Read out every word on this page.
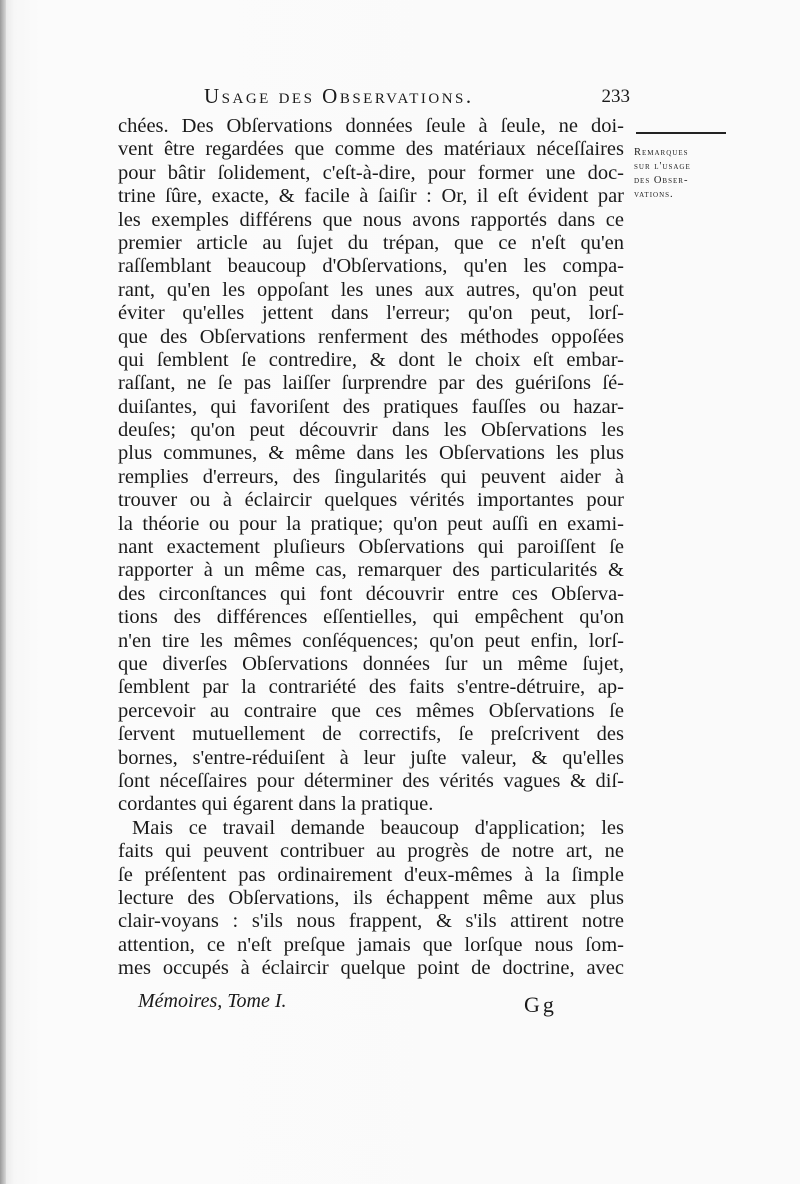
Usage des Observations.	233
Remarques
sur l'usage
des Obser-
vations.
chées. Des Obſervations données ſeule à ſeule, ne doi-
vent être regardées que comme des matériaux néceſſaires
pour bâtir ſolidement, c'eſt-à-dire, pour former une doc-
trine ſûre, exacte, & facile à ſaiſir : Or, il eſt évident par
les exemples différens que nous avons rapportés dans ce
premier article au ſujet du trépan, que ce n'eſt qu'en
raſſemblant beaucoup d'Obſervations, qu'en les compa-
rant, qu'en les oppoſant les unes aux autres, qu'on peut
éviter qu'elles jettent dans l'erreur; qu'on peut, lorſ-
que des Obſervations renferment des méthodes oppoſées
qui ſemblent ſe contredire, & dont le choix eſt embar-
raſſant, ne ſe pas laiſſer ſurprendre par des guériſons ſé-
duiſantes, qui favoriſent des pratiques fauſſes ou hazar-
deuſes; qu'on peut découvrir dans les Obſervations les
plus communes, & même dans les Obſervations les plus
remplies d'erreurs, des ſingularités qui peuvent aider à
trouver ou à éclaircir quelques vérités importantes pour
la théorie ou pour la pratique; qu'on peut auſſi en exami-
nant exactement pluſieurs Obſervations qui paroiſſent ſe
rapporter à un même cas, remarquer des particularités &
des circonſtances qui font découvrir entre ces Obſerva-
tions des différences eſſentielles, qui empêchent qu'on
n'en tire les mêmes conſéquences; qu'on peut enfin, lorſ-
que diverſes Obſervations données ſur un même ſujet,
ſemblent par la contrariété des faits s'entre-détruire, ap-
percevoir au contraire que ces mêmes Obſervations ſe
ſervent mutuellement de correctifs, ſe preſcrivent des
bornes, s'entre-réduiſent à leur juſte valeur, & qu'elles
ſont néceſſaires pour déterminer des vérités vagues & diſ-
cordantes qui égarent dans la pratique.
Mais ce travail demande beaucoup d'application; les
faits qui peuvent contribuer au progrès de notre art, ne
ſe préſentent pas ordinairement d'eux-mêmes à la ſimple
lecture des Obſervations, ils échappent même aux plus
clair-voyans : s'ils nous frappent, & s'ils attirent notre
attention, ce n'eſt preſque jamais que lorſque nous ſom-
mes occupés à éclaircir quelque point de doctrine, avec
Mémoires, Tome I.	Gg
